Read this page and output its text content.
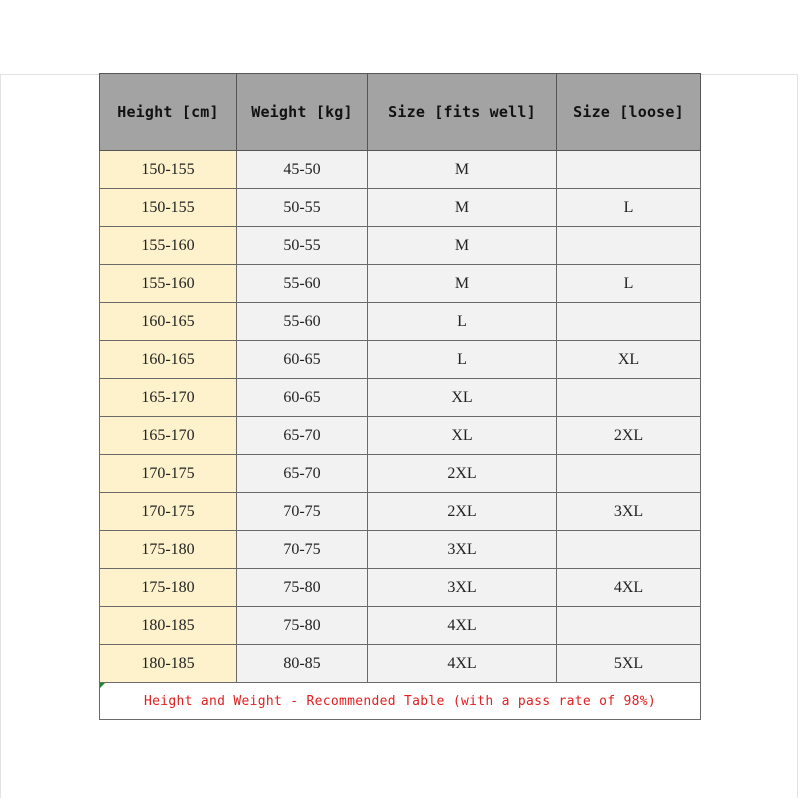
Height [cm]	Weight [kg]	Size [fits well]	Size [loose]
150-155	45-50	M	
150-155	50-55	M	L
155-160	50-55	M	
155-160	55-60	M	L
160-165	55-60	L	
160-165	60-65	L	XL
165-170	60-65	XL	
165-170	65-70	XL	2XL
170-175	65-70	2XL	
170-175	70-75	2XL	3XL
175-180	70-75	3XL	
175-180	75-80	3XL	4XL
180-185	75-80	4XL	
180-185	80-85	4XL	5XL

Height and Weight - Recommended Table (with a pass rate of 98%)			
